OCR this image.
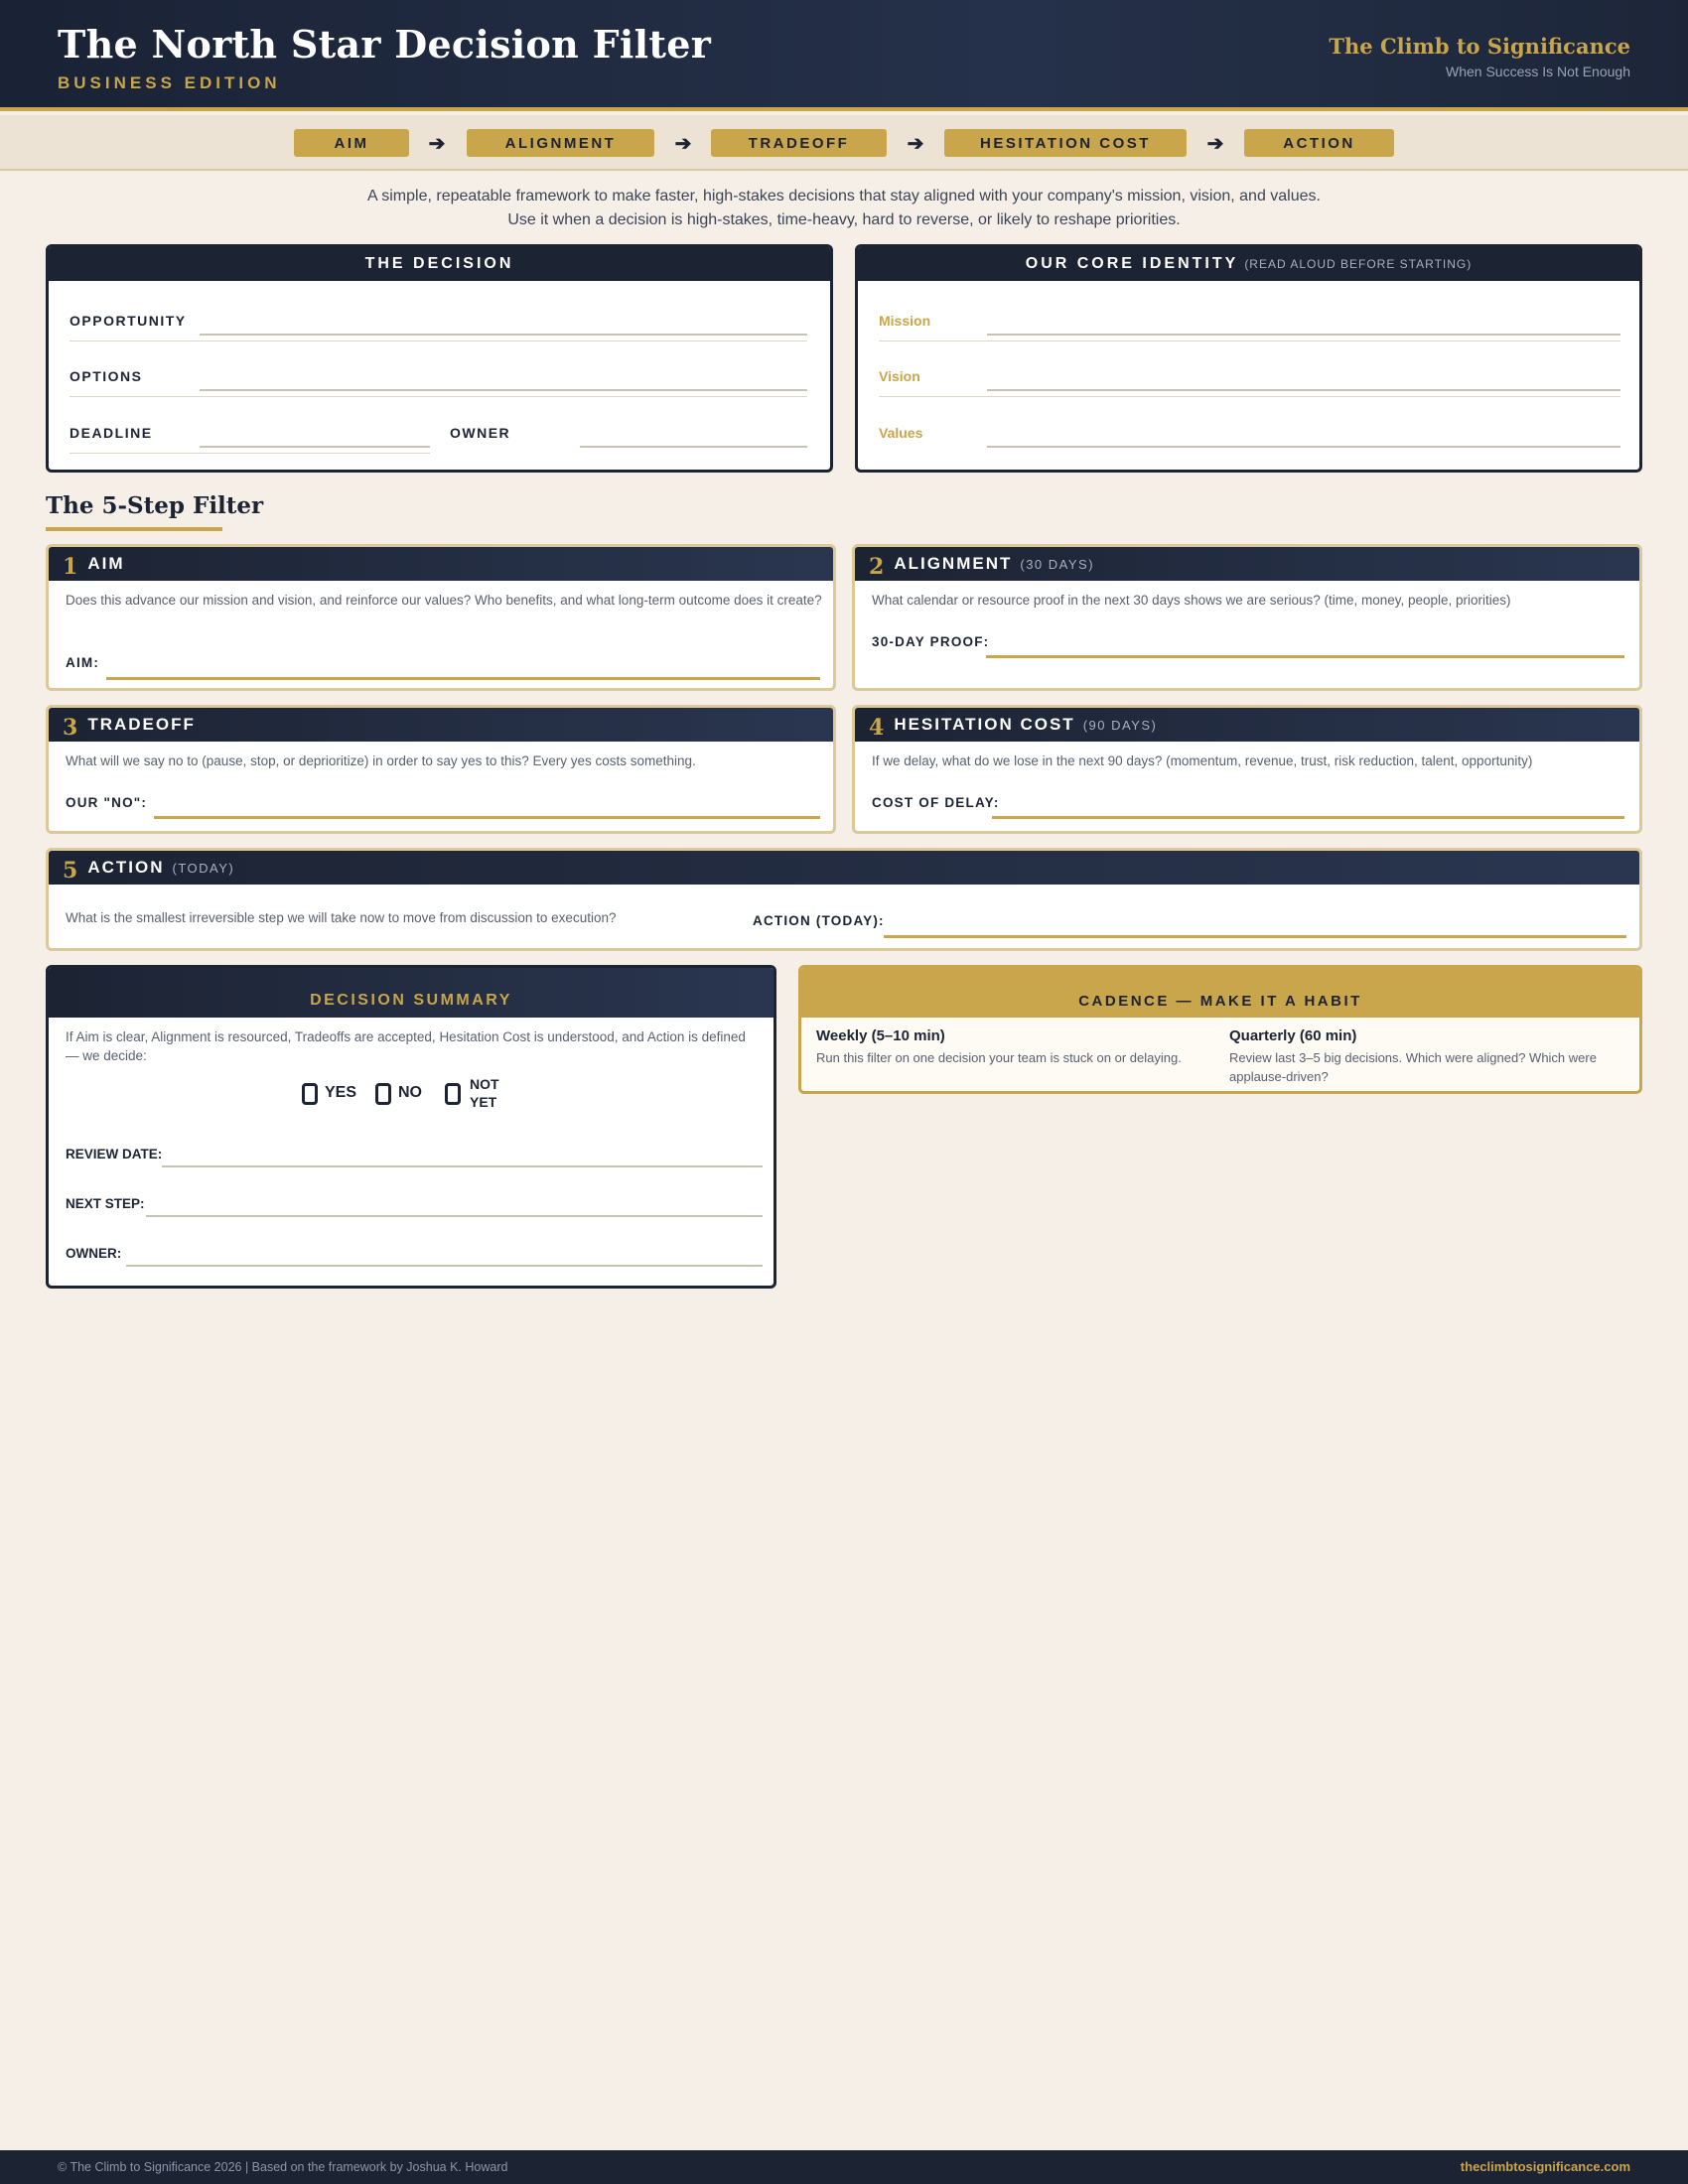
The North Star Decision Filter
BUSINESS EDITION
The Climb to Significance
When Success Is Not Enough
AIM	➔	ALIGNMENT	➔	TRADEOFF	➔	HESITATION COST	➔	ACTION
A simple, repeatable framework to make faster, high-stakes decisions that stay aligned with your company's mission, vision, and values.
Use it when a decision is high-stakes, time-heavy, hard to reverse, or likely to reshape priorities.
THE DECISION
OPPORTUNITY
OPTIONS
DEADLINE	OWNER
OUR CORE IDENTITY (READ ALOUD BEFORE STARTING)
Mission
Vision
Values
The 5-Step Filter
1 AIM
Does this advance our mission and vision, and reinforce our values? Who benefits, and what long-term outcome does it create?
AIM:
2 ALIGNMENT (30 DAYS)
What calendar or resource proof in the next 30 days shows we are serious? (time, money, people, priorities)
30-DAY PROOF:
3 TRADEOFF
What will we say no to (pause, stop, or deprioritize) in order to say yes to this? Every yes costs something.
OUR "NO":
4 HESITATION COST (90 DAYS)
If we delay, what do we lose in the next 90 days? (momentum, revenue, trust, risk reduction, talent, opportunity)
COST OF DELAY:
5 ACTION (TODAY)
What is the smallest irreversible step we will take now to move from discussion to execution?	ACTION (TODAY):
DECISION SUMMARY
If Aim is clear, Alignment is resourced, Tradeoffs are accepted, Hesitation Cost is understood, and Action is defined — we decide:
YES	NO	NOT
YET
REVIEW DATE:
NEXT STEP:
OWNER:
CADENCE — MAKE IT A HABIT
Weekly (5–10 min)
Run this filter on one decision your team is stuck on or delaying.
Quarterly (60 min)
Review last 3–5 big decisions. Which were aligned? Which were applause-driven?
© The Climb to Significance 2026 | Based on the framework by Joshua K. Howard	theclimbtosignificance.com
